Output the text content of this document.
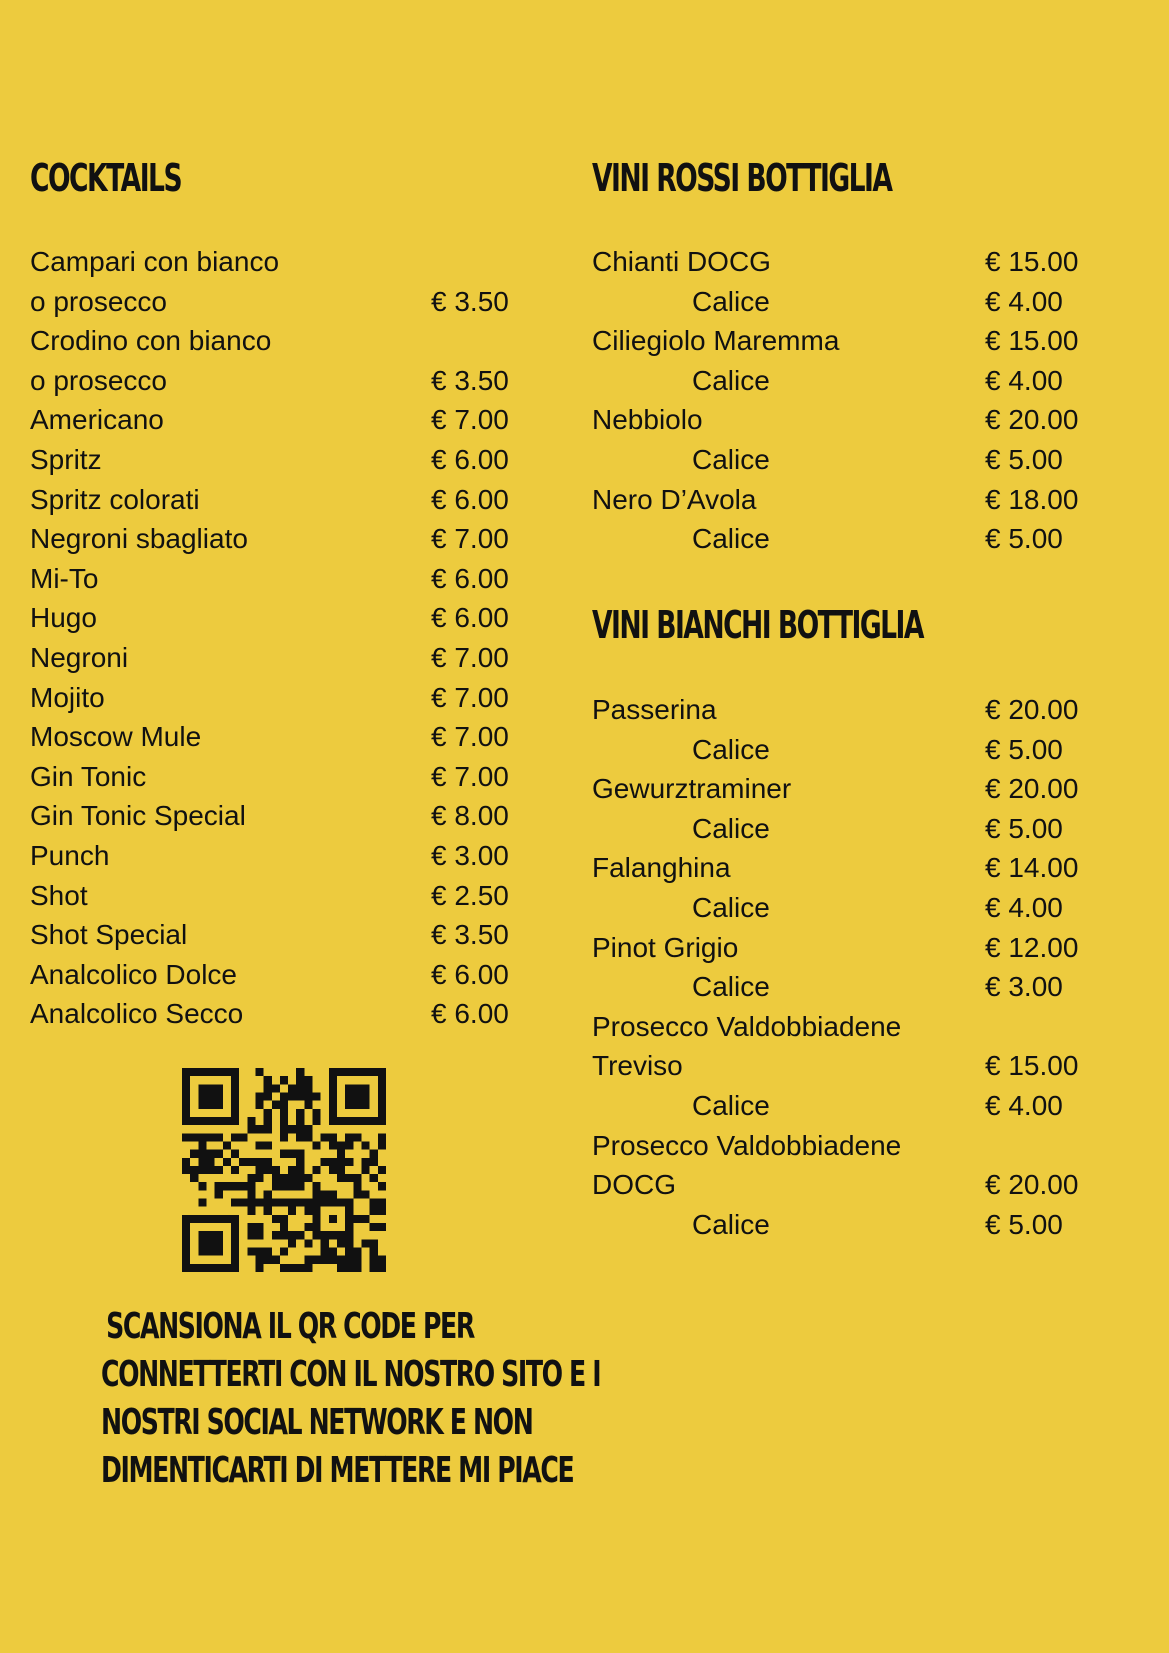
COCKTAILS
Campari con bianco
o prosecco	€ 3.50
Crodino con bianco
o prosecco	€ 3.50
Americano	€ 7.00
Spritz	€ 6.00
Spritz colorati	€ 6.00
Negroni sbagliato	€ 7.00
Mi-To	€ 6.00
Hugo	€ 6.00
Negroni	€ 7.00
Mojito	€ 7.00
Moscow Mule	€ 7.00
Gin Tonic	€ 7.00
Gin Tonic Special	€ 8.00
Punch	€ 3.00
Shot	€ 2.50
Shot Special	€ 3.50
Analcolico Dolce	€ 6.00
Analcolico Secco	€ 6.00
VINI ROSSI BOTTIGLIA
Chianti DOCG	€ 15.00
Calice	€ 4.00
Ciliegiolo Maremma	€ 15.00
Calice	€ 4.00
Nebbiolo	€ 20.00
Calice	€ 5.00
Nero D’Avola	€ 18.00
Calice	€ 5.00
VINI BIANCHI BOTTIGLIA
Passerina	€ 20.00
Calice	€ 5.00
Gewurztraminer	€ 20.00
Calice	€ 5.00
Falanghina	€ 14.00
Calice	€ 4.00
Pinot Grigio	€ 12.00
Calice	€ 3.00
Prosecco Valdobbiadene
Treviso	€ 15.00
Calice	€ 4.00
Prosecco Valdobbiadene
DOCG	€ 20.00
Calice	€ 5.00

SCANSIONA IL QR CODE PER
CONNETTERTI CON IL NOSTRO SITO E I
NOSTRI SOCIAL NETWORK E NON
DIMENTICARTI DI METTERE MI PIACE
